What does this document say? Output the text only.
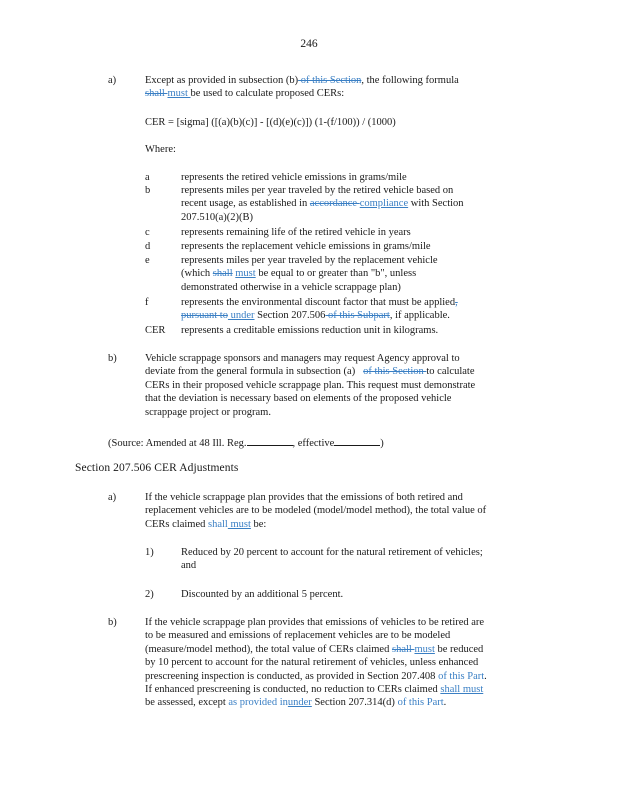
246
a)	Except as provided in subsection (b) of this Section, the following formula
shall must be used to calculate proposed CERs:
CER = [sigma] ([(a)(b)(c)] - [(d)(e)(c)]) (1-(f/100)) / (1000)
Where:
a	represents the retired vehicle emissions in grams/mile
b	represents miles per year traveled by the retired vehicle based on
recent usage, as established in accordance compliance with Section
207.510(a)(2)(B)
c	represents remaining life of the retired vehicle in years
d	represents the replacement vehicle emissions in grams/mile
e	represents miles per year traveled by the replacement vehicle
(which shall must be equal to or greater than "b", unless
demonstrated otherwise in a vehicle scrappage plan)
f	represents the environmental discount factor that must be applied,
pursuant to under Section 207.506 of this Subpart, if applicable.
CER	represents a creditable emissions reduction unit in kilograms.
b)	Vehicle scrappage sponsors and managers may request Agency approval to
deviate from the general formula in subsection (a) of this Section to calculate
CERs in their proposed vehicle scrappage plan. This request must demonstrate
that the deviation is necessary based on elements of the proposed vehicle
scrappage project or program.
(Source: Amended at 48 Ill. Reg.	, effective	)
Section 207.506 CER Adjustments
a)	If the vehicle scrappage plan provides that the emissions of both retired and
replacement vehicles are to be modeled (model/model method), the total value of
CERs claimed shall must be:
1)	Reduced by 20 percent to account for the natural retirement of vehicles;
and
2)	Discounted by an additional 5 percent.
b)	If the vehicle scrappage plan provides that emissions of vehicles to be retired are
to be measured and emissions of replacement vehicles are to be modeled
(measure/model method), the total value of CERs claimed shall must be reduced
by 10 percent to account for the natural retirement of vehicles, unless enhanced
prescreening inspection is conducted, as provided in Section 207.408 of this Part.
If enhanced prescreening is conducted, no reduction to CERs claimed shall must
be assessed, except as provided inunder Section 207.314(d) of this Part.
